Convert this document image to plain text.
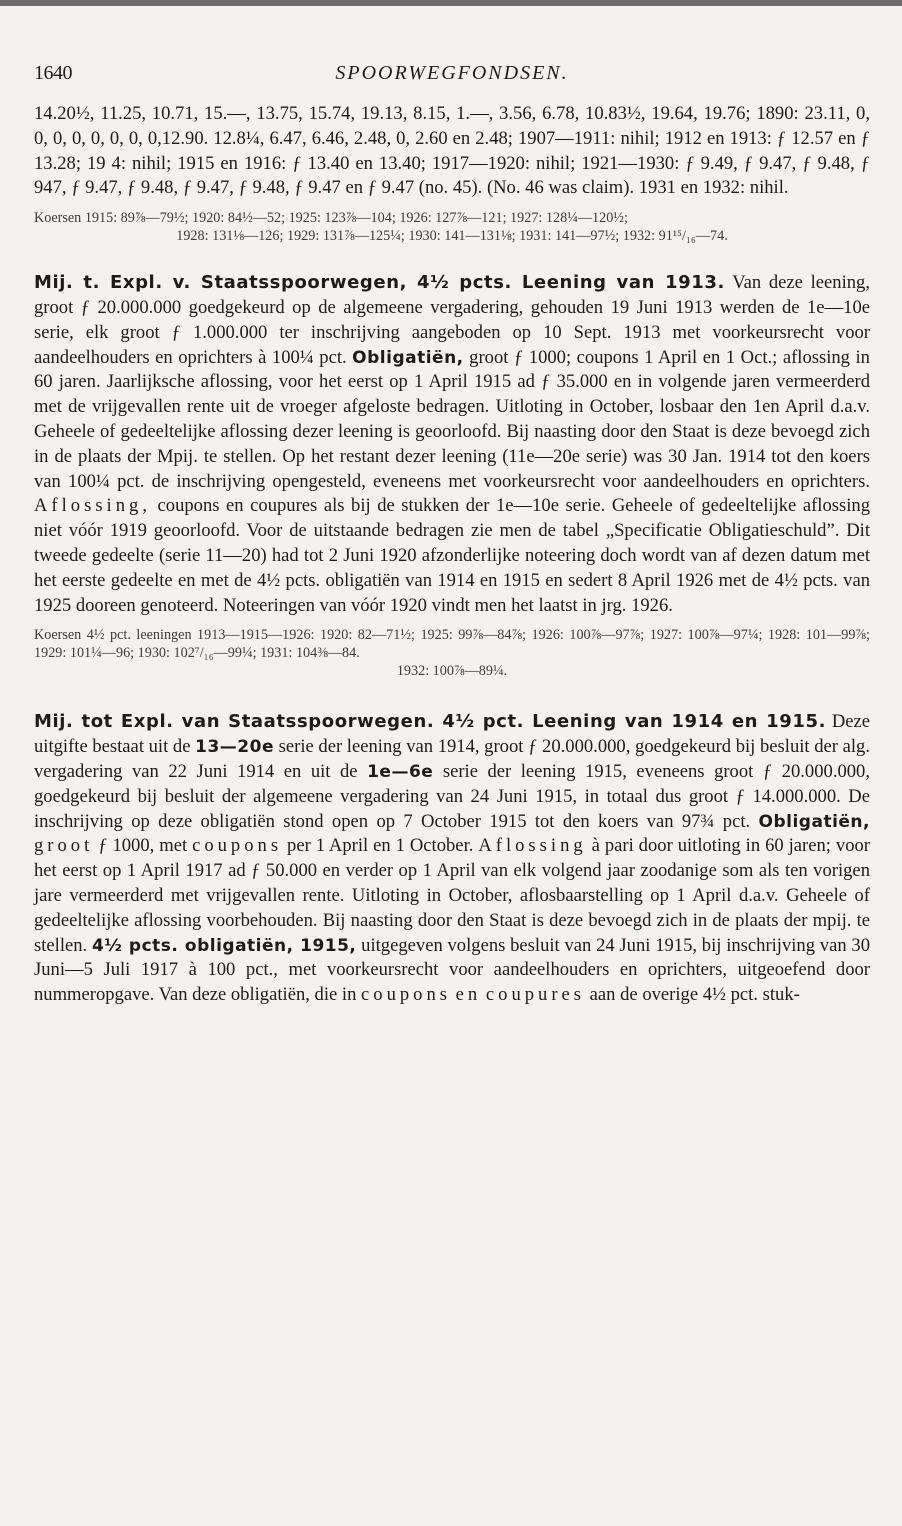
1640	SPOORWEGFONDSEN.

14.20½, 11.25, 10.71, 15.—, 13.75, 15.74, 19.13, 8.15, 1.—, 3.56, 6.78, 10.83½, 19.64, 19.76; 1890: 23.11, 0, 0, 0, 0, 0, 0, 0, 0,12.90. 12.8¼, 6.47, 6.46, 2.48, 0, 2.60 en 2.48; 1907—1911: nihil; 1912 en 1913: ƒ 12.57 en ƒ 13.28; 19 4: nihil; 1915 en 1916: ƒ 13.40 en 13.40; 1917—1920: nihil; 1921—1930: ƒ 9.49, ƒ 9.47, ƒ 9.48, ƒ 947, ƒ 9.47, ƒ 9.48, ƒ 9.47, ƒ 9.48, ƒ 9.47 en ƒ 9.47 (no. 45). (No. 46 was claim). 1931 en 1932: nihil.

Koersen 1915: 89⅞—79½; 1920: 84½—52; 1925: 123⅞—104; 1926: 127⅞—121; 1927: 128¼—120½;
1928: 131⅛—126; 1929: 131⅞—125¼; 1930: 141—131⅛; 1931: 141—97½; 1932: 91¹⁵/₁₆—74.

Mij. t. Expl. v. Staatsspoorwegen, 4½ pcts. Leening van 1913. Van deze leening, groot ƒ 20.000.000 goedgekeurd op de algemeene vergadering, gehouden 19 Juni 1913 werden de 1e—10e serie, elk groot ƒ 1.000.000 ter inschrijving aangeboden op 10 Sept. 1913 met voorkeursrecht voor aandeelhouders en oprichters à 100¼ pct. Obligatiën, groot ƒ 1000; coupons 1 April en 1 Oct.; aflossing in 60 jaren. Jaarlijksche aflossing, voor het eerst op 1 April 1915 ad ƒ 35.000 en in volgende jaren vermeerderd met de vrijgevallen rente uit de vroeger afgeloste bedragen. Uitloting in October, losbaar den 1en April d.a.v. Geheele of gedeeltelijke aflossing dezer leening is geoorloofd. Bij naasting door den Staat is deze bevoegd zich in de plaats der Mpij. te stellen. Op het restant dezer leening (11e—20e serie) was 30 Jan. 1914 tot den koers van 100¼ pct. de inschrijving opengesteld, eveneens met voorkeursrecht voor aandeelhouders en oprichters. Aflossing, coupons en coupures als bij de stukken der 1e—10e serie. Geheele of gedeeltelijke aflossing niet vóór 1919 geoorloofd. Voor de uitstaande bedragen zie men de tabel „Specificatie Obligatieschuld”. Dit tweede gedeelte (serie 11—20) had tot 2 Juni 1920 afzonderlijke noteering doch wordt van af dezen datum met het eerste gedeelte en met de 4½ pcts. obligatiën van 1914 en 1915 en sedert 8 April 1926 met de 4½ pcts. van 1925 dooreen genoteerd. Noteeringen van vóór 1920 vindt men het laatst in jrg. 1926.

Koersen 4½ pct. leeningen 1913—1915—1926: 1920: 82—71½; 1925: 99⅞—84⅞; 1926: 100⅞—97⅞; 1927: 100⅞—97¼; 1928: 101—99⅞; 1929: 101¼—96; 1930: 102⁷/₁₆—99¼; 1931: 104⅜—84.
1932: 100⅞—89¼.

Mij. tot Expl. van Staatsspoorwegen. 4½ pct. Leening van 1914 en 1915. Deze uitgifte bestaat uit de 13—20e serie der leening van 1914, groot ƒ 20.000.000, goedgekeurd bij besluit der alg. vergadering van 22 Juni 1914 en uit de 1e—6e serie der leening 1915, eveneens groot ƒ 20.000.000, goedgekeurd bij besluit der algemeene vergadering van 24 Juni 1915, in totaal dus groot ƒ 14.000.000. De inschrijving op deze obligatiën stond open op 7 October 1915 tot den koers van 97¾ pct. Obligatiën, groot ƒ 1000, met coupons per 1 April en 1 October. Aflossing à pari door uitloting in 60 jaren; voor het eerst op 1 April 1917 ad ƒ 50.000 en verder op 1 April van elk volgend jaar zoodanige som als ten vorigen jare vermeerderd met vrijgevallen rente. Uitloting in October, aflosbaarstelling op 1 April d.a.v. Geheele of gedeeltelijke aflossing voorbehouden. Bij naasting door den Staat is deze bevoegd zich in de plaats der mpij. te stellen. 4½ pcts. obligatiën, 1915, uitgegeven volgens besluit van 24 Juni 1915, bij inschrijving van 30 Juni—5 Juli 1917 à 100 pct., met voorkeursrecht voor aandeelhouders en oprichters, uitgeoefend door nummeropgave. Van deze obligatiën, die in coupons en coupures aan de overige 4½ pct. stuk-
